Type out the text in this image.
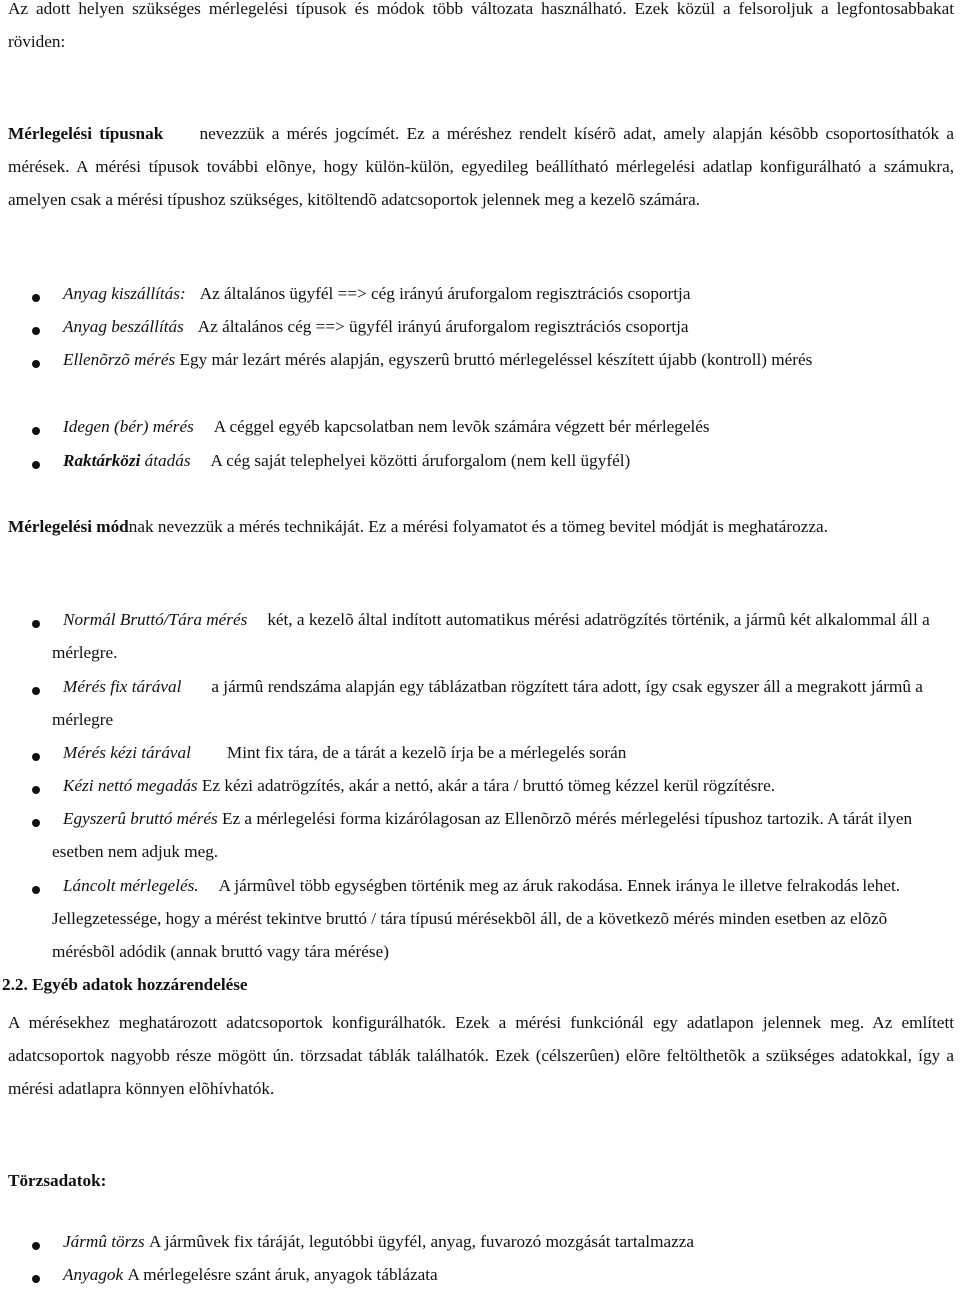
Az adott helyen szükséges mérlegelési típusok és módok több változata használható. Ezek közül a felsoroljuk a legfontosabbakat röviden:

Mérlegelési típusnak nevezzük a mérés jogcímét. Ez a méréshez rendelt kísérõ adat, amely alapján késõbb csoportosíthatók a mérések. A mérési típusok további elõnye, hogy külön-külön, egyedileg beállítható mérlegelési adatlap konfigurálható a számukra, amelyen csak a mérési típushoz szükséges, kitöltendõ adatcsoportok jelennek meg a kezelõ számára.

Anyag kiszállítás: Az általános ügyfél ==> cég irányú áruforgalom regisztrációs csoportja

Anyag beszállítás Az általános cég ==> ügyfél irányú áruforgalom regisztrációs csoportja

Ellenõrzõ mérés Egy már lezárt mérés alapján, egyszerû bruttó mérlegeléssel készített újabb (kontroll) mérés

Idegen (bér) mérés A céggel egyéb kapcsolatban nem levõk számára végzett bér mérlegelés

Raktárközi átadás A cég saját telephelyei közötti áruforgalom (nem kell ügyfél)

Mérlegelési módnak nevezzük a mérés technikáját. Ez a mérési folyamatot és a tömeg bevitel módját is meghatározza.

Normál Bruttó/Tára mérés két, a kezelõ által indított automatikus mérési adatrögzítés történik, a jármû két alkalommal áll a mérlegre.

Mérés fix tárával a jármû rendszáma alapján egy táblázatban rögzített tára adott, így csak egyszer áll a megrakott jármû a mérlegre

Mérés kézi tárával Mint fix tára, de a tárát a kezelõ írja be a mérlegelés során

Kézi nettó megadás Ez kézi adatrögzítés, akár a nettó, akár a tára / bruttó tömeg kézzel kerül rögzítésre.

Egyszerû bruttó mérés Ez a mérlegelési forma kizárólagosan az Ellenõrzõ mérés mérlegelési típushoz tartozik. A tárát ilyen esetben nem adjuk meg.

Láncolt mérlegelés. A jármûvel több egységben történik meg az áruk rakodása. Ennek iránya le illetve felrakodás lehet. Jellegzetessége, hogy a mérést tekintve bruttó / tára típusú mérésekbõl áll, de a következõ mérés minden esetben az elõzõ mérésbõl adódik (annak bruttó vagy tára mérése)

2.2. Egyéb adatok hozzárendelése

A mérésekhez meghatározott adatcsoportok konfigurálhatók. Ezek a mérési funkciónál egy adatlapon jelennek meg. Az említett adatcsoportok nagyobb része mögött ún. törzsadat táblák találhatók. Ezek (célszerûen) elõre feltölthetõk a szükséges adatokkal, így a mérési adatlapra könnyen elõhívhatók.

Törzsadatok:

Jármû törzs A jármûvek fix táráját, legutóbbi ügyfél, anyag, fuvarozó mozgását tartalmazza

Anyagok A mérlegelésre szánt áruk, anyagok táblázata
